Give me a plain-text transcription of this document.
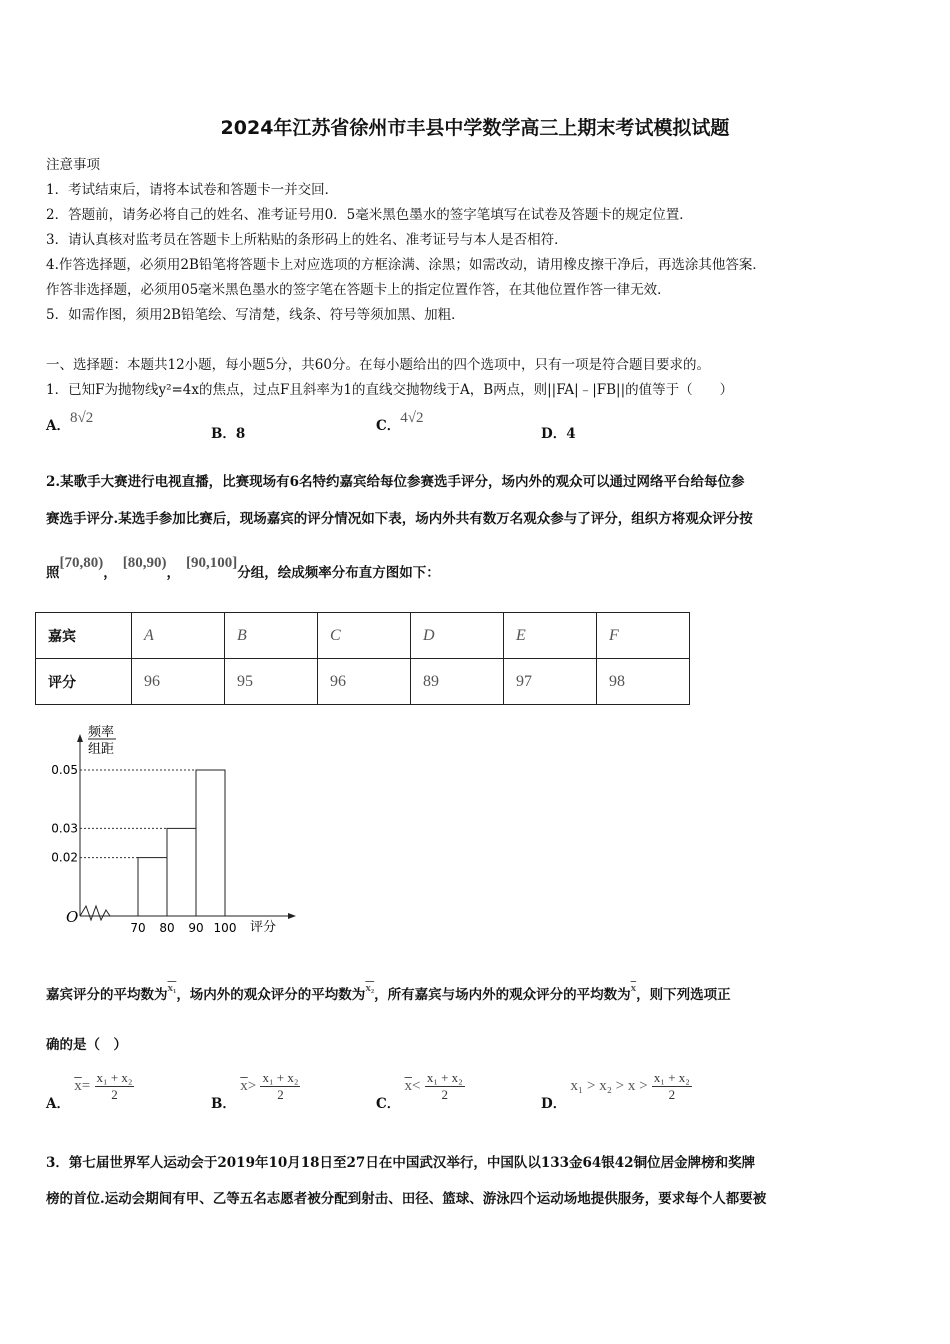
2024年江苏省徐州市丰县中学数学高三上期末考试模拟试题
注意事项
1．考试结束后，请将本试卷和答题卡一并交回．
2．答题前，请务必将自己的姓名、准考证号用0．5毫米黑色墨水的签字笔填写在试卷及答题卡的规定位置．
3．请认真核对监考员在答题卡上所粘贴的条形码上的姓名、准考证号与本人是否相符．
4.作答选择题，必须用2B铅笔将答题卡上对应选项的方框涂满、涂黑；如需改动，请用橡皮擦干净后，再选涂其他答案．
作答非选择题，必须用05毫米黑色墨水的签字笔在答题卡上的指定位置作答，在其他位置作答一律无效．
5．如需作图，须用2B铅笔绘、写清楚，线条、符号等须加黑、加粗．
一、选择题：本题共12小题，每小题5分，共60分。在每小题给出的四个选项中，只有一项是符合题目要求的。
1．已知F为抛物线y²=4x的焦点，过点F且斜率为1的直线交抛物线于A，B两点，则||FA|﹣|FB||的值等于（　　）
A．8√2
B．8	C．4√2
D．4
2.某歌手大赛进行电视直播，比赛现场有6名特约嘉宾给每位参赛选手评分，场内外的观众可以通过网络平台给每位参
赛选手评分.某选手参加比赛后，现场嘉宾的评分情况如下表，场内外共有数万名观众参与了评分，组织方将观众评分按
照[70,80)，[80,90)，[90,100]分组，绘成频率分布直方图如下：
嘉宾	A	B	C	D	E	F
评分	96	95	96	89	97	98
0.05
0.03
0.02
70 80 90 100
O
频率
组距
评分
嘉宾评分的平均数为$^{x_1}$，场内外的观众评分的平均数为$^{x_2}$，所有嘉宾与场内外的观众评分的平均数为$^{\overline{x}}$，则下列选项正
确的是（　）
A． $\overline{x}= \frac{\text{x₁ + x₂}}{2}$
B． $\overline{x}> \frac{\text{x₁ + x₂}}{2}$
C． $\overline{x}< \frac{\text{x₁ + x₂}}{2}$
D． $x_1 > x_2 > x > \frac{\text{x₁ + x₂}}{2}$
3．第七届世界军人运动会于2019年10月18日至27日在中国武汉举行，中国队以133金64银42铜位居金牌榜和奖牌
榜的首位.运动会期间有甲、乙等五名志愿者被分配到射击、田径、篮球、游泳四个运动场地提供服务，要求每个人都要被
